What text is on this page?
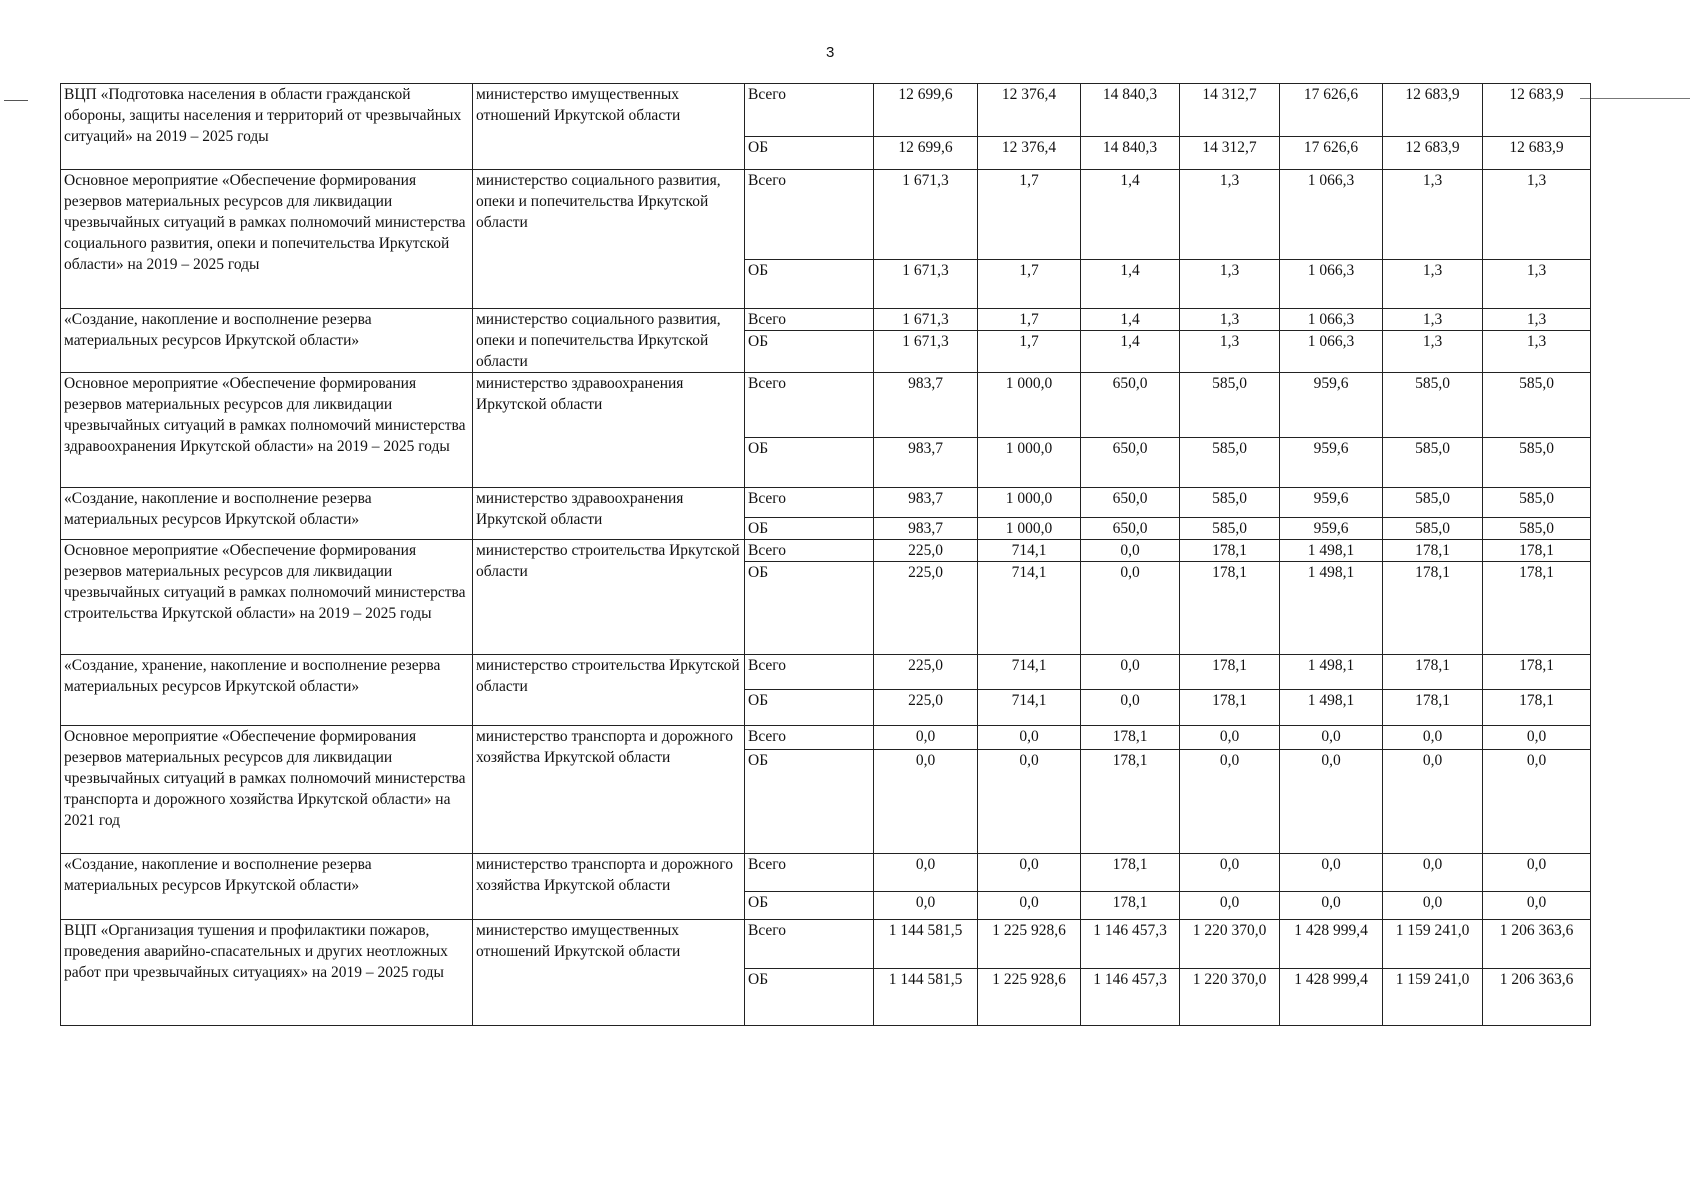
3
ВЦП «Подготовка населения в области гражданской обороны, защиты населения и территорий от чрезвычайных ситуаций» на 2019 – 2025 годы	министерство имущественных отношений Иркутской области	Всего	12 699,6	12 376,4	14 840,3	14 312,7	17 626,6	12 683,9	12 683,9
		ОБ	12 699,6	12 376,4	14 840,3	14 312,7	17 626,6	12 683,9	12 683,9
Основное мероприятие «Обеспечение формирования резервов материальных ресурсов для ликвидации чрезвычайных ситуаций в рамках полномочий министерства социального развития, опеки и попечительства Иркутской области» на 2019 – 2025 годы	министерство социального развития, опеки и попечительства Иркутской области	Всего	1 671,3	1,7	1,4	1,3	1 066,3	1,3	1,3
		ОБ	1 671,3	1,7	1,4	1,3	1 066,3	1,3	1,3
«Создание, накопление и восполнение резерва материальных ресурсов Иркутской области»	министерство социального развития, опеки и попечительства Иркутской области	Всего	1 671,3	1,7	1,4	1,3	1 066,3	1,3	1,3
		ОБ	1 671,3	1,7	1,4	1,3	1 066,3	1,3	1,3
Основное мероприятие «Обеспечение формирования резервов материальных ресурсов для ликвидации чрезвычайных ситуаций в рамках полномочий министерства здравоохранения Иркутской области» на 2019 – 2025 годы	министерство здравоохранения Иркутской области	Всего	983,7	1 000,0	650,0	585,0	959,6	585,0	585,0
		ОБ	983,7	1 000,0	650,0	585,0	959,6	585,0	585,0
«Создание, накопление и восполнение резерва материальных ресурсов Иркутской области»	министерство здравоохранения Иркутской области	Всего	983,7	1 000,0	650,0	585,0	959,6	585,0	585,0
		ОБ	983,7	1 000,0	650,0	585,0	959,6	585,0	585,0
Основное мероприятие «Обеспечение формирования резервов материальных ресурсов для ликвидации чрезвычайных ситуаций в рамках полномочий министерства строительства Иркутской области» на 2019 – 2025 годы	министерство строительства Иркутской области	Всего	225,0	714,1	0,0	178,1	1 498,1	178,1	178,1
		ОБ	225,0	714,1	0,0	178,1	1 498,1	178,1	178,1
«Создание, хранение, накопление и восполнение резерва материальных ресурсов Иркутской области»	министерство строительства Иркутской области	Всего	225,0	714,1	0,0	178,1	1 498,1	178,1	178,1
		ОБ	225,0	714,1	0,0	178,1	1 498,1	178,1	178,1
Основное мероприятие «Обеспечение формирования резервов материальных ресурсов для ликвидации чрезвычайных ситуаций в рамках полномочий министерства транспорта и дорожного хозяйства Иркутской области» на 2021 год	министерство транспорта и дорожного хозяйства Иркутской области	Всего	0,0	0,0	178,1	0,0	0,0	0,0	0,0
		ОБ	0,0	0,0	178,1	0,0	0,0	0,0	0,0
«Создание, накопление и восполнение резерва материальных ресурсов Иркутской области»	министерство транспорта и дорожного хозяйства Иркутской области	Всего	0,0	0,0	178,1	0,0	0,0	0,0	0,0
		ОБ	0,0	0,0	178,1	0,0	0,0	0,0	0,0
ВЦП «Организация тушения и профилактики пожаров, проведения аварийно-спасательных и других неотложных работ при чрезвычайных ситуациях» на 2019 – 2025 годы	министерство имущественных отношений Иркутской области	Всего	1 144 581,5	1 225 928,6	1 146 457,3	1 220 370,0	1 428 999,4	1 159 241,0	1 206 363,6
		ОБ	1 144 581,5	1 225 928,6	1 146 457,3	1 220 370,0	1 428 999,4	1 159 241,0	1 206 363,6
